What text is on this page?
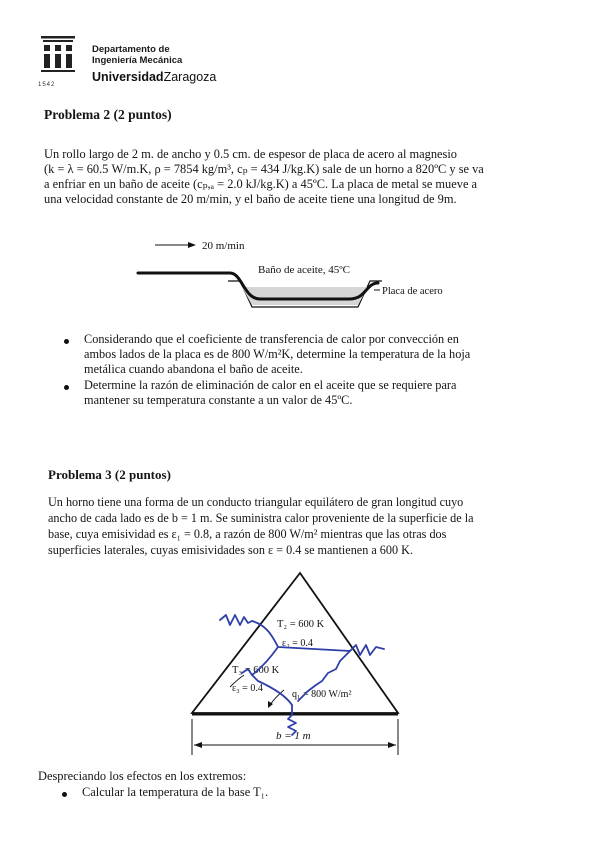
1542
Departamento de
Ingeniería Mecánica
UniversidadZaragoza
Problema 2 (2 puntos)
Un rollo largo de 2 m. de ancho y 0.5 cm. de espesor de placa de acero al magnesio
(k = λ = 60.5 W/m.K, ρ = 7854 kg/m³, cₚ = 434 J/kg.K) sale de un horno a 820ºC y se va
a enfriar en un baño de aceite (cₚ,ₐ = 2.0 kJ/kg.K) a 45ºC. La placa de metal se mueve a
una velocidad constante de 20 m/min, y el baño de aceite tiene una longitud de 9m.
20 m/min
Baño de aceite, 45ºC
Placa de acero
Considerando que el coeficiente de transferencia de calor por convección en
ambos lados de la placa es de 800 W/m²K, determine la temperatura de la hoja
metálica cuando abandona el baño de aceite.
Determine la razón de eliminación de calor en el aceite que se requiere para
mantener su temperatura constante a un valor de 45ºC.
Problema 3 (2 puntos)
Un horno tiene una forma de un conducto triangular equilátero de gran longitud cuyo
ancho de cada lado es de b = 1 m. Se suministra calor proveniente de la superficie de la
base, cuya emisividad es ε₁ = 0.8, a razón de 800 W/m² mientras que las otras dos
superficies laterales, cuyas emisividades son ε = 0.4 se mantienen a 600 K.
b = 1 m
T₂ = 600 K
ε₂ = 0.4
T₃ = 600 K
ε₃ = 0.4
q₁ = 800 W/m²
Despreciando los efectos en los extremos:
Calcular la temperatura de la base T₁.
